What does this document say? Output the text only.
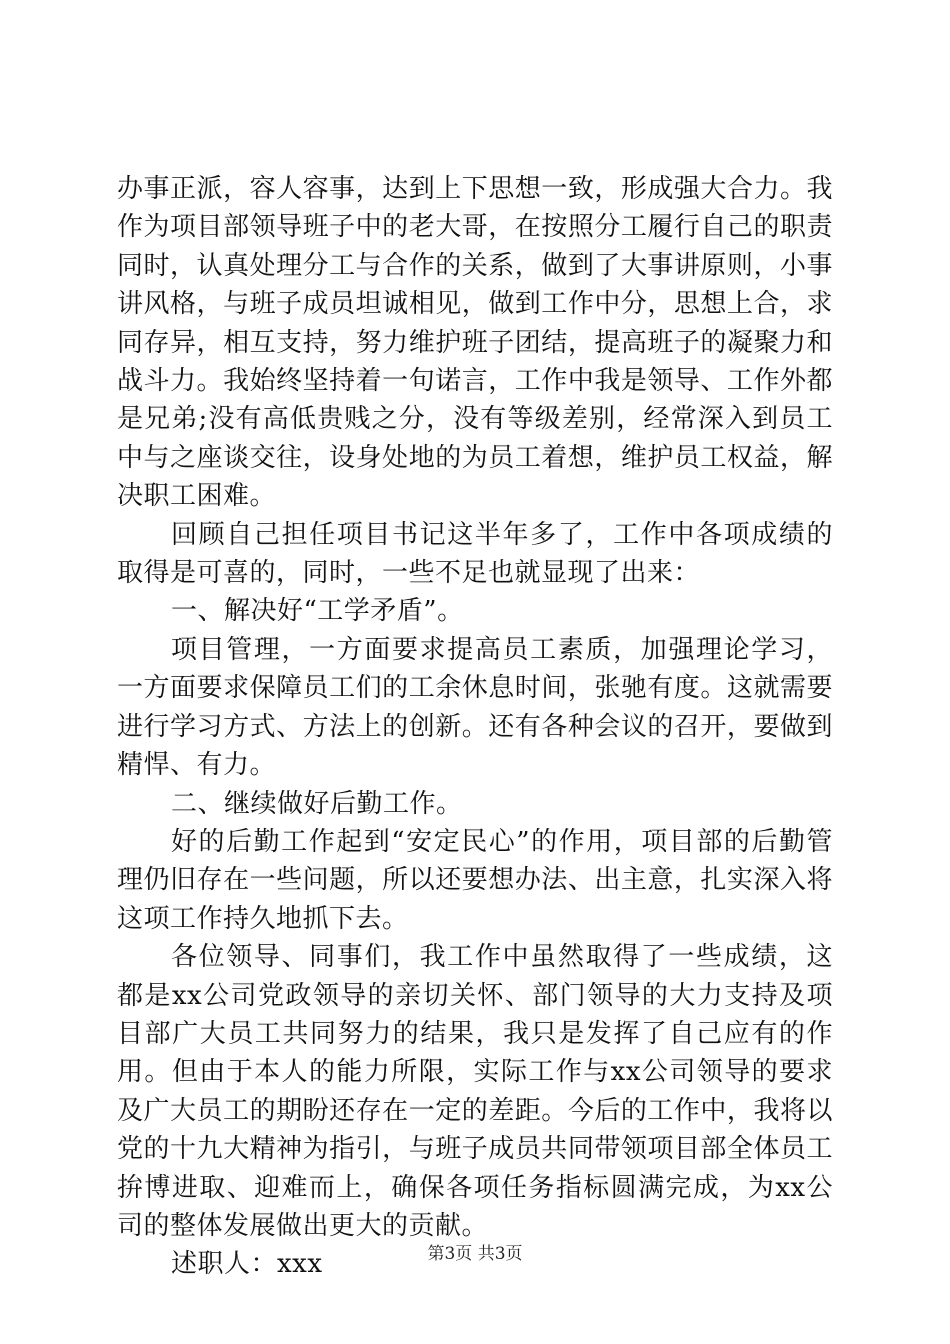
办事正派，容人容事，达到上下思想一致，形成强大合力。我作为项目部领导班子中的老大哥，在按照分工履行自己的职责同时，认真处理分工与合作的关系，做到了大事讲原则，小事讲风格，与班子成员坦诚相见，做到工作中分，思想上合，求同存异，相互支持，努力维护班子团结，提高班子的凝聚力和战斗力。我始终坚持着一句诺言，工作中我是领导、工作外都是兄弟;没有高低贵贱之分，没有等级差别，经常深入到员工中与之座谈交往，设身处地的为员工着想，维护员工权益，解决职工困难。

回顾自己担任项目书记这半年多了，工作中各项成绩的取得是可喜的，同时，一些不足也就显现了出来：

一、解决好“工学矛盾”。

项目管理，一方面要求提高员工素质，加强理论学习，一方面要求保障员工们的工余休息时间，张驰有度。这就需要进行学习方式、方法上的创新。还有各种会议的召开，要做到精悍、有力。

二、继续做好后勤工作。

好的后勤工作起到“安定民心”的作用，项目部的后勤管理仍旧存在一些问题，所以还要想办法、出主意，扎实深入将这项工作持久地抓下去。

各位领导、同事们，我工作中虽然取得了一些成绩，这都是xx公司党政领导的亲切关怀、部门领导的大力支持及项目部广大员工共同努力的结果，我只是发挥了自己应有的作用。但由于本人的能力所限，实际工作与xx公司领导的要求及广大员工的期盼还存在一定的差距。今后的工作中，我将以党的十九大精神为指引，与班子成员共同带领项目部全体员工拚博进取、迎难而上，确保各项任务指标圆满完成，为xx公司的整体发展做出更大的贡献。

述职人：xxx	第3页 共3页
